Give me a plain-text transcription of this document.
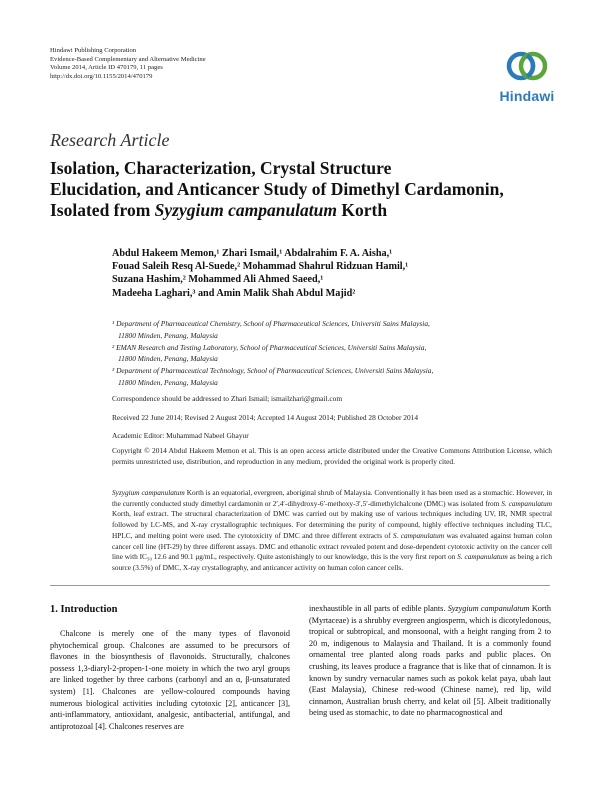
Hindawi Publishing Corporation
Evidence-Based Complementary and Alternative Medicine
Volume 2014, Article ID 470179, 11 pages
http://dx.doi.org/10.1155/2014/470179
Hindawi
Research Article
Isolation, Characterization, Crystal Structure
Elucidation, and Anticancer Study of Dimethyl Cardamonin,
Isolated from Syzygium campanulatum Korth
Abdul Hakeem Memon,¹ Zhari Ismail,¹ Abdalrahim F. A. Aisha,¹
Fouad Saleih Resq Al-Suede,² Mohammad Shahrul Ridzuan Hamil,¹
Suzana Hashim,² Mohammed Ali Ahmed Saeed,¹
Madeeha Laghari,³ and Amin Malik Shah Abdul Majid²
¹ Department of Pharmaceutical Chemistry, School of Pharmaceutical Sciences, Universiti Sains Malaysia,
11800 Minden, Penang, Malaysia
² EMAN Research and Testing Laboratory, School of Pharmaceutical Sciences, Universiti Sains Malaysia,
11800 Minden, Penang, Malaysia
³ Department of Pharmaceutical Technology, School of Pharmaceutical Sciences, Universiti Sains Malaysia,
11800 Minden, Penang, Malaysia
Correspondence should be addressed to Zhari Ismail; ismailzhari@gmail.com
Received 22 June 2014; Revised 2 August 2014; Accepted 14 August 2014; Published 28 October 2014
Academic Editor: Muhammad Nabeel Ghayur
Copyright © 2014 Abdul Hakeem Memon et al. This is an open access article distributed under the Creative Commons Attribution License, which permits unrestricted use, distribution, and reproduction in any medium, provided the original work is properly cited.
Syzygium campanulatum Korth is an equatorial, evergreen, aboriginal shrub of Malaysia. Conventionally it has been used as a stomachic. However, in the currently conducted study dimethyl cardamonin or 2′,4′-dihydroxy-6′-methoxy-3′,5′-dimethylchalcone (DMC) was isolated from S. campanulatum Korth, leaf extract. The structural characterization of DMC was carried out by making use of various techniques including UV, IR, NMR spectral followed by LC-MS, and X-ray crystallographic techniques. For determining the purity of compound, highly effective techniques including TLC, HPLC, and melting point were used. The cytotoxicity of DMC and three different extracts of S. campanulatum was evaluated against human colon cancer cell line (HT-29) by three different assays. DMC and ethanolic extract revealed potent and dose-dependent cytotoxic activity on the cancer cell line with IC₅₀ 12.6 and 90.1 μg/mL, respectively. Quite astonishingly to our knowledge, this is the very first report on S. campanulatum as being a rich source (3.5%) of DMC, X-ray crystallography, and anticancer activity on human colon cancer cells.
1. Introduction
Chalcone is merely one of the many types of flavonoid phytochemical group. Chalcones are assumed to be precursors of flavones in the biosynthesis of flavonoids. Structurally, chalcones possess 1,3-diaryl-2-propen-1-one moiety in which the two aryl groups are linked together by three carbons (carbonyl and an α, β-unsaturated system) [1]. Chalcones are yellow-coloured compounds having numerous biological activities including cytotoxic [2], anticancer [3], anti-inflammatory, antioxidant, analgesic, antibacterial, antifungal, and antiprotozoal [4]. Chalcones reserves are
inexhaustible in all parts of edible plants. Syzygium campanulatum Korth (Myrtaceae) is a shrubby evergreen angiosperm, which is dicotyledonous, tropical or subtropical, and monsoonal, with a height ranging from 2 to 20 m, indigenous to Malaysia and Thailand. It is a commonly found ornamental tree planted along roads parks and public places. On crushing, its leaves produce a fragrance that is like that of cinnamon. It is known by sundry vernacular names such as pokok kelat paya, ubah laut (East Malaysia), Chinese red-wood (Chinese name), red lip, wild cinnamon, Australian brush cherry, and kelat oil [5]. Albeit traditionally being used as stomachic, to date no pharmacognostical and
